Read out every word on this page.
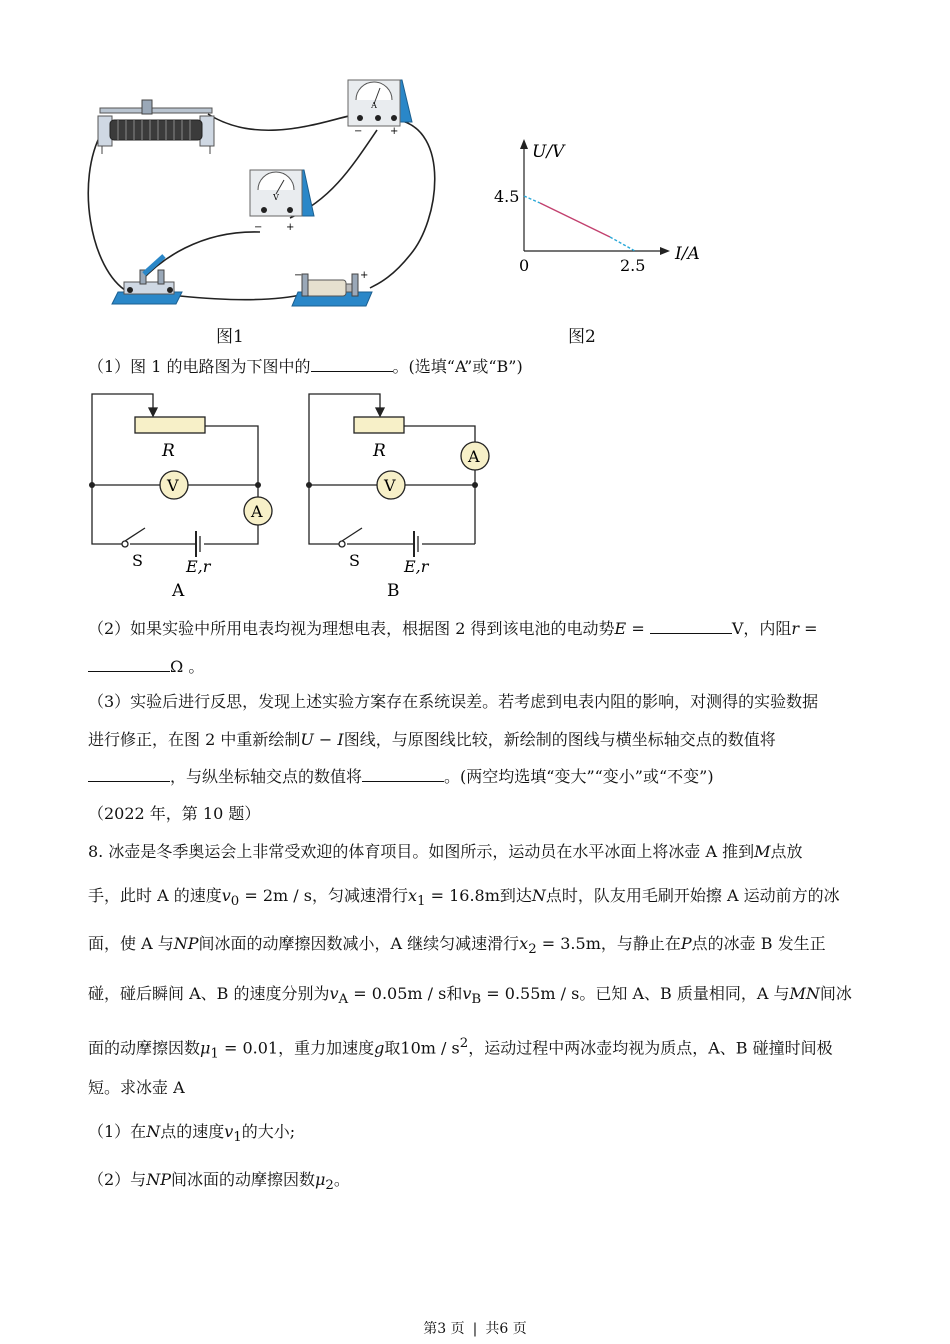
A
−	+
V
− +
−	+
U/V
I/A
0
4.5
2.5
图1	图2
（1）图 1 的电路图为下图中的	。(选填“A”或“B”)
R
V
A
S	E,r
A
R
V
A
S	E,r
B
（2）如果实验中所用电表均视为理想电表，根据图 2 得到该电池的电动势E =	V，内阻r =
Ω 。
（3）实验后进行反思，发现上述实验方案存在系统误差。若考虑到电表内阻的影响，对测得的实验数据
进行修正，在图 2 中重新绘制U − I图线，与原图线比较，新绘制的图线与横坐标轴交点的数值将
，与纵坐标轴交点的数值将	。(两空均选填“变大”“变小”或“不变”)
（2022 年，第 10 题）
8. 冰壶是冬季奥运会上非常受欢迎的体育项目。如图所示，运动员在水平冰面上将冰壶 A 推到M点放
手，此时 A 的速度$v_0 = 2m / s$，匀减速滑行$x_1 = 16.8m$到达N点时，队友用毛刷开始擦 A 运动前方的冰
面，使 A 与NP间冰面的动摩擦因数减小，A 继续匀减速滑行$x_2 = 3.5m$，与静止在P点的冰壶 B 发生正
碰，碰后瞬间 A、B 的速度分别为$v_A = 0.05m / s$和$v_B = 0.55m / s$。已知 A、B 质量相同，A 与MN间冰
面的动摩擦因数$\mu_1 = 0.01$，重力加速度g取$10m / s^2$，运动过程中两冰壶均视为质点，A、B 碰撞时间极
短。求冰壶 A
（1）在N点的速度$v_1$的大小;
（2）与NP间冰面的动摩擦因数$\mu_2$。
第3 页 | 共6 页
